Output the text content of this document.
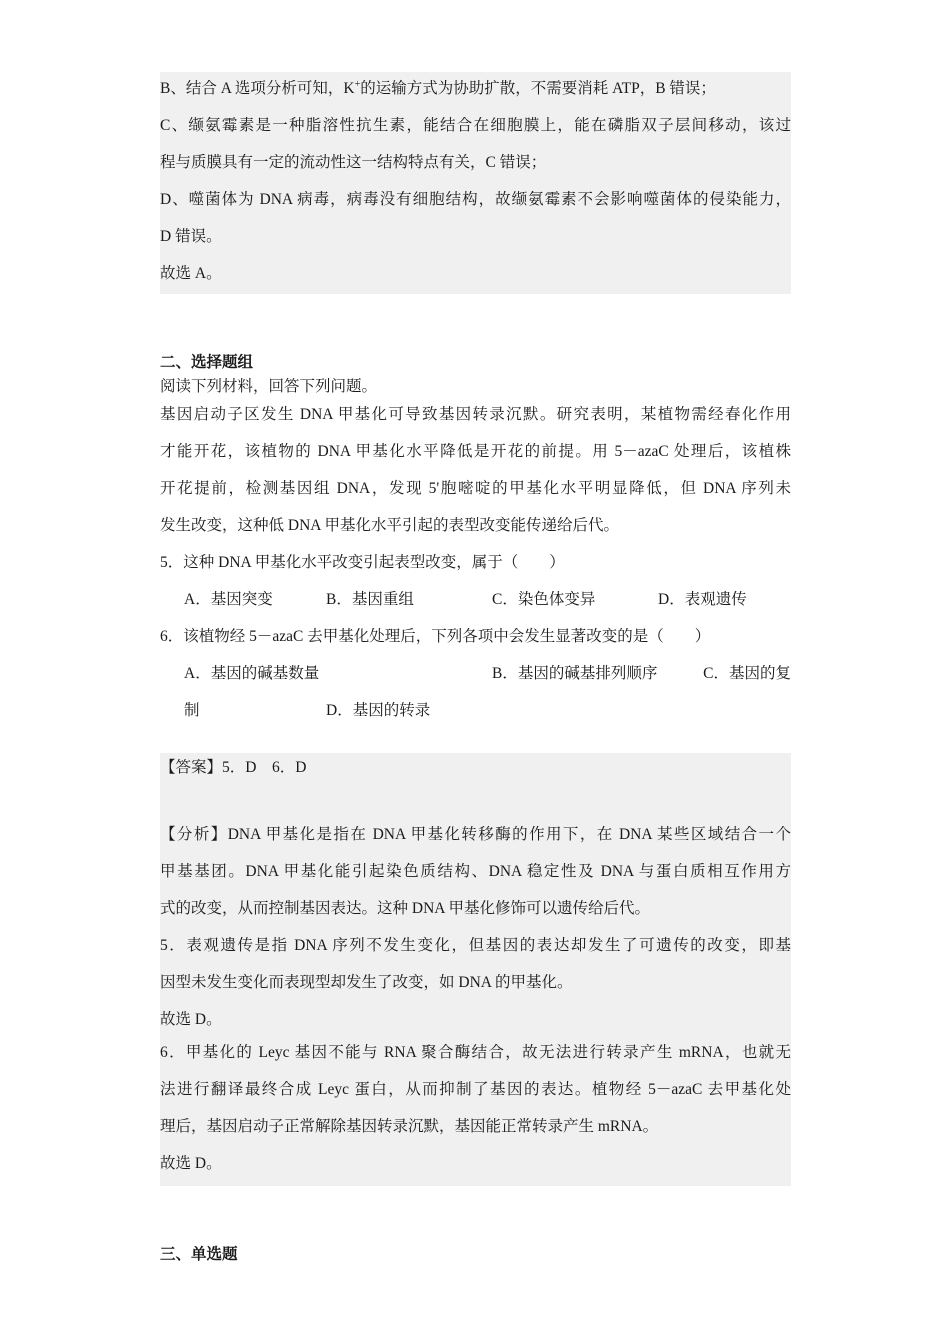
B、结合 A 选项分析可知，K+的运输方式为协助扩散，不需要消耗 ATP，B 错误；
C、缬氨霉素是一种脂溶性抗生素，能结合在细胞膜上，能在磷脂双子层间移动，该过
程与质膜具有一定的流动性这一结构特点有关，C 错误；
D、噬菌体为 DNA 病毒，病毒没有细胞结构，故缬氨霉素不会影响噬菌体的侵染能力，
D 错误。
故选 A。
二、选择题组
阅读下列材料，回答下列问题。
基因启动子区发生 DNA 甲基化可导致基因转录沉默。研究表明，某植物需经春化作用
才能开花，该植物的 DNA 甲基化水平降低是开花的前提。用 5－azaC 处理后，该植株
开花提前，检测基因组 DNA，发现 5'胞嘧啶的甲基化水平明显降低，但 DNA 序列未
发生改变，这种低 DNA 甲基化水平引起的表型改变能传递给后代。
5．这种 DNA 甲基化水平改变引起表型改变，属于（　　）
A．基因突变	B．基因重组	C．染色体变异	D．表观遗传
6．该植物经 5－azaC 去甲基化处理后，下列各项中会发生显著改变的是（　　）
A．基因的碱基数量	B．基因的碱基排列顺序	C．基因的复
制	D．基因的转录
【答案】5．D　6．D
【分析】DNA 甲基化是指在 DNA 甲基化转移酶的作用下，在 DNA 某些区域结合一个
甲基基团。DNA 甲基化能引起染色质结构、DNA 稳定性及 DNA 与蛋白质相互作用方
式的改变，从而控制基因表达。这种 DNA 甲基化修饰可以遗传给后代。
5．表观遗传是指 DNA 序列不发生变化，但基因的表达却发生了可遗传的改变，即基
因型未发生变化而表现型却发生了改变，如 DNA 的甲基化。
故选 D。
6．甲基化的 Leyc 基因不能与 RNA 聚合酶结合，故无法进行转录产生 mRNA，也就无
法进行翻译最终合成 Leyc 蛋白，从而抑制了基因的表达。植物经 5－azaC 去甲基化处
理后，基因启动子正常解除基因转录沉默，基因能正常转录产生 mRNA。
故选 D。
三、单选题
